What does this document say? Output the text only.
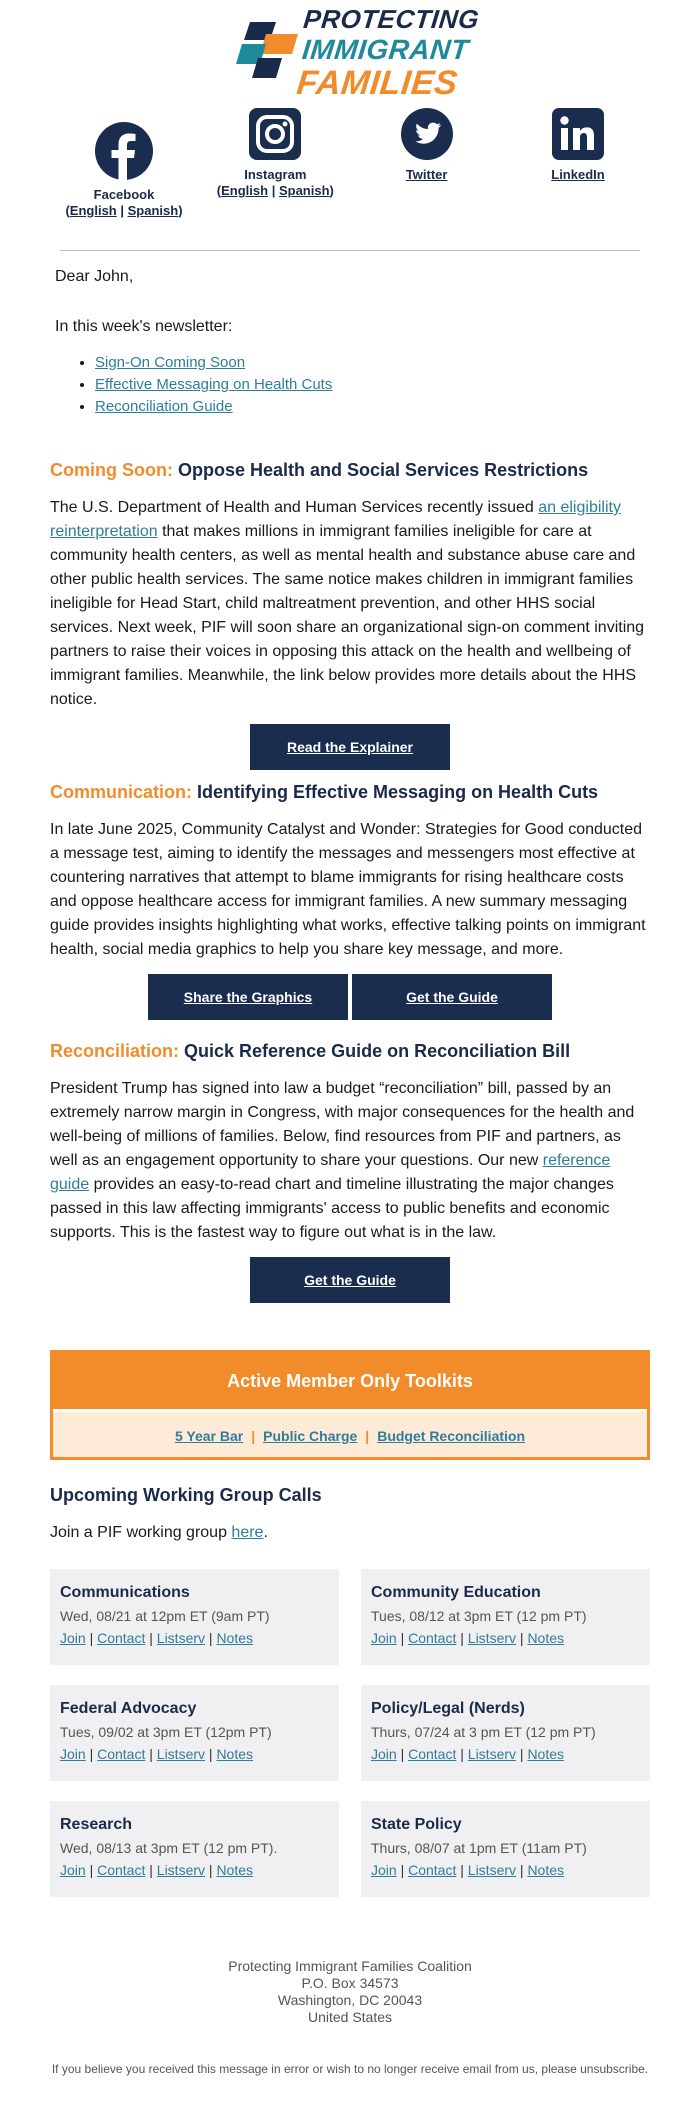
PROTECTING
IMMIGRANT
FAMILIES
Facebook
(English | Spanish)
Instagram
(English | Spanish)
Twitter	LinkedIn
Dear John,
In this week's newsletter:
• Sign-On Coming Soon
• Effective Messaging on Health Cuts
• Reconciliation Guide
Coming Soon: Oppose Health and Social Services Restrictions
The U.S. Department of Health and Human Services recently issued an eligibility reinterpretation that makes millions in immigrant families ineligible for care at community health centers, as well as mental health and substance abuse care and other public health services. The same notice makes children in immigrant families ineligible for Head Start, child maltreatment prevention, and other HHS social services. Next week, PIF will soon share an organizational sign-on comment inviting partners to raise their voices in opposing this attack on the health and wellbeing of immigrant families. Meanwhile, the link below provides more details about the HHS notice.
Read the Explainer
Communication: Identifying Effective Messaging on Health Cuts
In late June 2025, Community Catalyst and Wonder: Strategies for Good conducted a message test, aiming to identify the messages and messengers most effective at countering narratives that attempt to blame immigrants for rising healthcare costs and oppose healthcare access for immigrant families. A new summary messaging guide provides insights highlighting what works, effective talking points on immigrant health, social media graphics to help you share key message, and more.
Share the Graphics	Get the Guide
Reconciliation: Quick Reference Guide on Reconciliation Bill
President Trump has signed into law a budget “reconciliation” bill, passed by an extremely narrow margin in Congress, with major consequences for the health and well-being of millions of families. Below, find resources from PIF and partners, as well as an engagement opportunity to share your questions. Our new reference guide provides an easy-to-read chart and timeline illustrating the major changes passed in this law affecting immigrants' access to public benefits and economic supports. This is the fastest way to figure out what is in the law.
Get the Guide
Active Member Only Toolkits
5 Year Bar | Public Charge | Budget Reconciliation
Upcoming Working Group Calls
Join a PIF working group here.
Communications
Wed, 08/21 at 12pm ET (9am PT)
Join | Contact | Listserv | Notes
Community Education
Tues, 08/12 at 3pm ET (12 pm PT)
Join | Contact | Listserv | Notes
Federal Advocacy
Tues, 09/02 at 3pm ET (12pm PT)
Join | Contact | Listserv | Notes
Policy/Legal (Nerds)
Thurs, 07/24 at 3 pm ET (12 pm PT)
Join | Contact | Listserv | Notes
Research
Wed, 08/13 at 3pm ET (12 pm PT).
Join | Contact | Listserv | Notes
State Policy
Thurs, 08/07 at 1pm ET (11am PT)
Join | Contact | Listserv | Notes
Protecting Immigrant Families Coalition
P.O. Box 34573
Washington, DC 20043
United States
If you believe you received this message in error or wish to no longer receive email from us, please unsubscribe.
